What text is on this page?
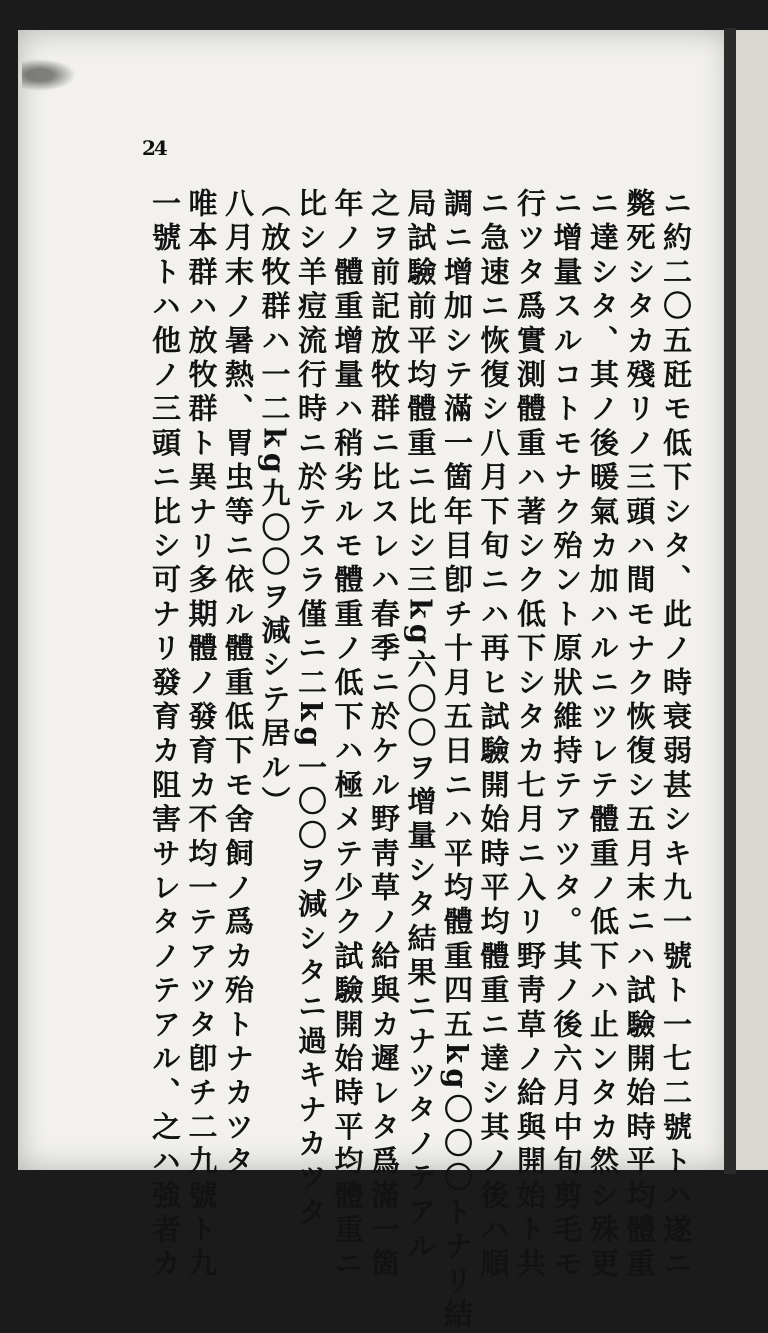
24
ニ約二〇五瓩モ低下シタ、此ノ時衰弱甚シキ九一號ト一七二號トハ遂ニ
斃死シタカ殘リノ三頭ハ間モナク恢復シ五月末ニハ試驗開始時平均體重
ニ達シタ、其ノ後暖氣カ加ハルニツレテ體重ノ低下ハ止ンタカ然シ殊更
ニ增量スルコトモナク殆ント原狀維持テアツタ。其ノ後六月中旬剪毛モ
行ツタ爲實測體重ハ著シク低下シタカ七月ニ入リ野靑草ノ給與開始ト共
ニ急速ニ恢復シ八月下旬ニハ再ヒ試驗開始時平均體重ニ達シ其ノ後ハ順
調ニ增加シテ滿一箇年目卽チ十月五日ニハ平均體重四五kg〇〇〇トナリ結
局試驗前平均體重ニ比シ三kg六〇〇ヲ增量シタ結果ニナツタノテアル
之ヲ前記放牧群ニ比スレハ春季ニ於ケル野靑草ノ給與カ遲レタ爲滿一箇
年ノ體重增量ハ稍劣ルモ體重ノ低下ハ極メテ少ク試驗開始時平均體重ニ
比シ羊痘流行時ニ於テスラ僅ニ二kg一〇〇ヲ減シタニ過キナカツタ
（放牧群ハ一二kg九〇〇ヲ減シテ居ル）
八月末ノ暑熱、胃虫等ニ依ル體重低下モ舍飼ノ爲カ殆トナカツタ
唯本群ハ放牧群ト異ナリ多期體ノ發育カ不均一テアツタ卽チ二九號ト九
一號トハ他ノ三頭ニ比シ可ナリ發育カ阻害サレタノテアル、之ハ強者カ
